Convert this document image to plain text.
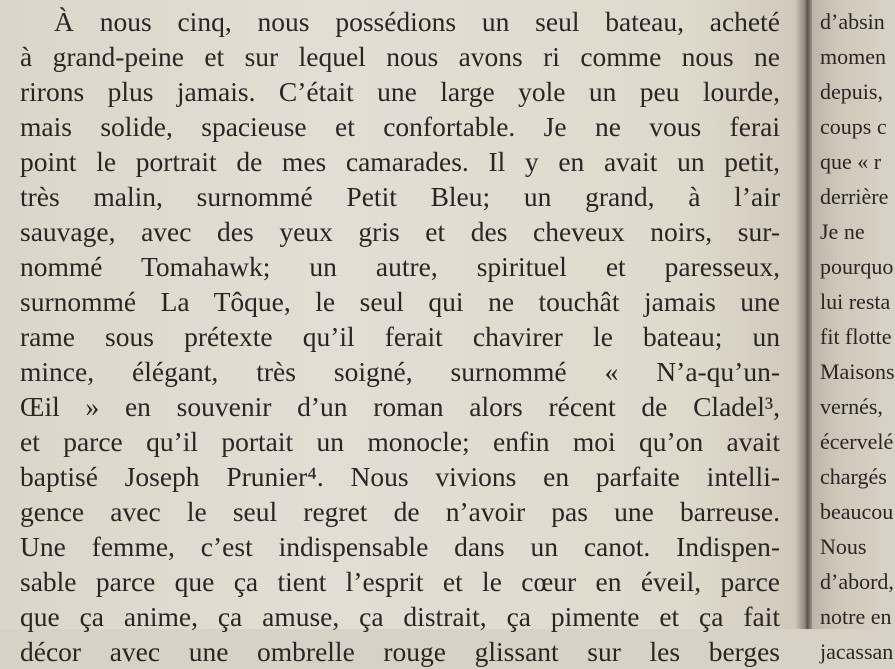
À nous cinq, nous possédions un seul bateau, acheté
à grand-peine et sur lequel nous avons ri comme nous ne
rirons plus jamais. C’était une large yole un peu lourde,
mais solide, spacieuse et confortable. Je ne vous ferai
point le portrait de mes camarades. Il y en avait un petit,
très malin, surnommé Petit Bleu; un grand, à l’air
sauvage, avec des yeux gris et des cheveux noirs, sur-
nommé Tomahawk; un autre, spirituel et paresseux,
surnommé La Tôque, le seul qui ne touchât jamais une
rame sous prétexte qu’il ferait chavirer le bateau; un
mince, élégant, très soigné, surnommé « N’a-qu’un-
Œil » en souvenir d’un roman alors récent de Cladel³,
et parce qu’il portait un monocle; enfin moi qu’on avait
baptisé Joseph Prunier⁴. Nous vivions en parfaite intelli-
gence avec le seul regret de n’avoir pas une barreuse.
Une femme, c’est indispensable dans un canot. Indispen-
sable parce que ça tient l’esprit et le cœur en éveil, parce
que ça anime, ça amuse, ça distrait, ça pimente et ça fait
décor avec une ombrelle rouge glissant sur les berges
d’absin
momen
depuis,
coups c
que « r
derrière
Je ne
pourquo
lui resta
fit flotte
Maisons
vernés,
écervelé
chargés
beaucou
Nous
d’abord,
notre en
jacassan
